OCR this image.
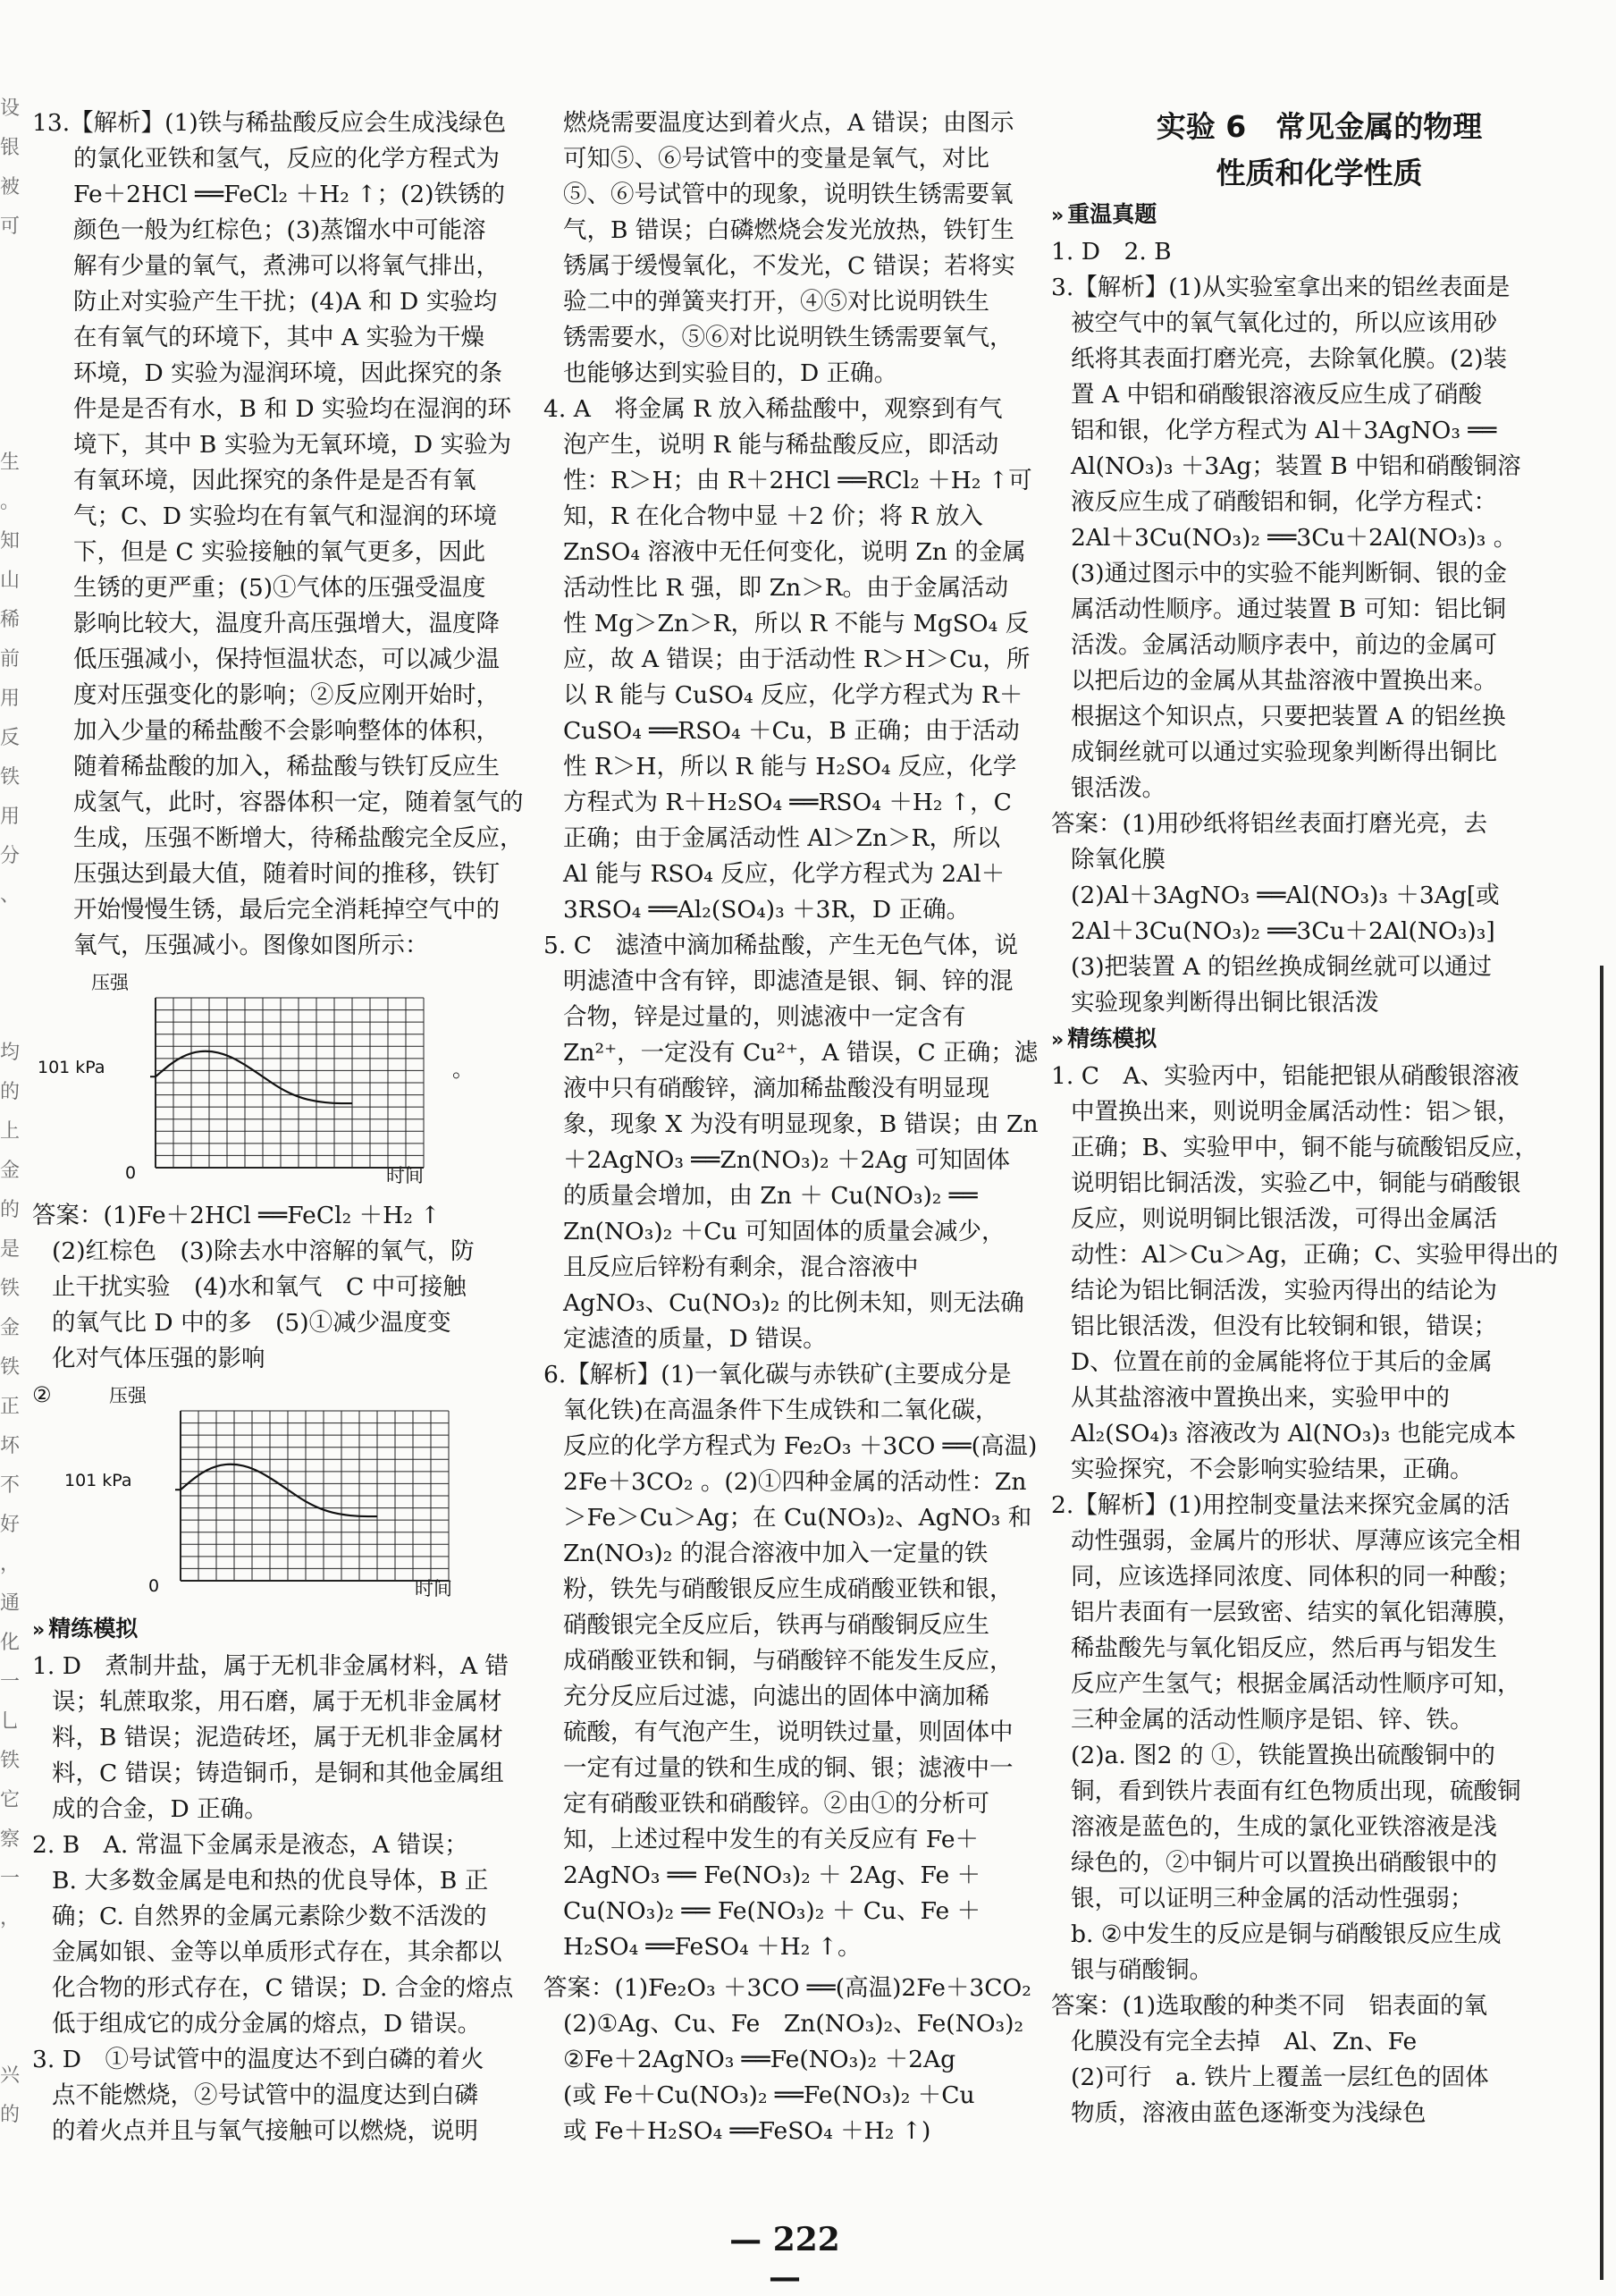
设
银
被
可
生
。
知
山
稀
前
用
反
铁
用
分
、
均
的
上
金
的
是
铁
金
铁
正
坏
不
好
，
通
化
一
乚
铁
它
察
一
，
兴
的

13.【解析】(1)铁与稀盐酸反应会生成浅绿色

的氯化亚铁和氢气，反应的化学方程式为

Fe＋2HCl ══FeCl₂ ＋H₂ ↑；(2)铁锈的

颜色一般为红棕色；(3)蒸馏水中可能溶

解有少量的氧气，煮沸可以将氧气排出，

防止对实验产生干扰；(4)A 和 D 实验均

在有氧气的环境下，其中 A 实验为干燥

环境，D 实验为湿润环境，因此探究的条

件是是否有水，B 和 D 实验均在湿润的环

境下，其中 B 实验为无氧环境，D 实验为

有氧环境，因此探究的条件是是否有氧

气；C、D 实验均在有氧气和湿润的环境

下，但是 C 实验接触的氧气更多，因此

生锈的更严重；(5)①气体的压强受温度

影响比较大，温度升高压强增大，温度降

低压强减小，保持恒温状态，可以减少温

度对压强变化的影响；②反应刚开始时，

加入少量的稀盐酸不会影响整体的体积，

随着稀盐酸的加入，稀盐酸与铁钉反应生

成氢气，此时，容器体积一定，随着氢气的

生成，压强不断增大，待稀盐酸完全反应，

压强达到最大值，随着时间的推移，铁钉

开始慢慢生锈，最后完全消耗掉空气中的

氧气，压强减小。图像如图所示：

压强
101 kPa
0	时间
。

答案：(1)Fe＋2HCl ══FeCl₂ ＋H₂ ↑

(2)红棕色　(3)除去水中溶解的氧气，防

止干扰实验　(4)水和氧气　C 中可接触

的氧气比 D 中的多　(5)①减少温度变

化对气体压强的影响

②	压强
101 kPa
0	时间

» 精练模拟

1. D　煮制井盐，属于无机非金属材料，A 错

误；轧蔗取浆，用石磨，属于无机非金属材

料，B 错误；泥造砖坯，属于无机非金属材

料，C 错误；铸造铜币，是铜和其他金属组

成的合金，D 正确。

2. B　A. 常温下金属汞是液态，A 错误；

B. 大多数金属是电和热的优良导体，B 正

确；C. 自然界的金属元素除少数不活泼的

金属如银、金等以单质形式存在，其余都以

化合物的形式存在，C 错误；D. 合金的熔点

低于组成它的成分金属的熔点，D 错误。

3. D　①号试管中的温度达不到白磷的着火

点不能燃烧，②号试管中的温度达到白磷

的着火点并且与氧气接触可以燃烧，说明

燃烧需要温度达到着火点，A 错误；由图示

可知⑤、⑥号试管中的变量是氧气，对比

⑤、⑥号试管中的现象，说明铁生锈需要氧

气，B 错误；白磷燃烧会发光放热，铁钉生

锈属于缓慢氧化，不发光，C 错误；若将实

验二中的弹簧夹打开，④⑤对比说明铁生

锈需要水，⑤⑥对比说明铁生锈需要氧气，

也能够达到实验目的，D 正确。

4. A　将金属 R 放入稀盐酸中，观察到有气

泡产生，说明 R 能与稀盐酸反应，即活动

性：R＞H；由 R＋2HCl ══RCl₂ ＋H₂ ↑可

知，R 在化合物中显 ＋2 价；将 R 放入

ZnSO₄ 溶液中无任何变化，说明 Zn 的金属

活动性比 R 强，即 Zn＞R。由于金属活动

性 Mg＞Zn＞R，所以 R 不能与 MgSO₄ 反

应，故 A 错误；由于活动性 R＞H＞Cu，所

以 R 能与 CuSO₄ 反应，化学方程式为 R＋

CuSO₄ ══RSO₄ ＋Cu，B 正确；由于活动

性 R＞H，所以 R 能与 H₂SO₄ 反应，化学

方程式为 R＋H₂SO₄ ══RSO₄ ＋H₂ ↑，C

正确；由于金属活动性 Al＞Zn＞R，所以

Al 能与 RSO₄ 反应，化学方程式为 2Al＋

3RSO₄ ══Al₂(SO₄)₃ ＋3R，D 正确。

5. C　滤渣中滴加稀盐酸，产生无色气体，说

明滤渣中含有锌，即滤渣是银、铜、锌的混

合物，锌是过量的，则滤液中一定含有

Zn²⁺，一定没有 Cu²⁺，A 错误，C 正确；滤

液中只有硝酸锌，滴加稀盐酸没有明显现

象，现象 X 为没有明显现象，B 错误；由 Zn

＋2AgNO₃ ══Zn(NO₃)₂ ＋2Ag 可知固体

的质量会增加，由 Zn ＋ Cu(NO₃)₂ ══

Zn(NO₃)₂ ＋Cu 可知固体的质量会减少，

且反应后锌粉有剩余，混合溶液中

AgNO₃、Cu(NO₃)₂ 的比例未知，则无法确

定滤渣的质量，D 错误。

6.【解析】(1)一氧化碳与赤铁矿(主要成分是

氧化铁)在高温条件下生成铁和二氧化碳，

反应的化学方程式为 Fe₂O₃ ＋3CO ══(高温)

2Fe＋3CO₂ 。(2)①四种金属的活动性：Zn

＞Fe＞Cu＞Ag；在 Cu(NO₃)₂、AgNO₃ 和

Zn(NO₃)₂ 的混合溶液中加入一定量的铁

粉，铁先与硝酸银反应生成硝酸亚铁和银，

硝酸银完全反应后，铁再与硝酸铜反应生

成硝酸亚铁和铜，与硝酸锌不能发生反应，

充分反应后过滤，向滤出的固体中滴加稀

硫酸，有气泡产生，说明铁过量，则固体中

一定有过量的铁和生成的铜、银；滤液中一

定有硝酸亚铁和硝酸锌。②由①的分析可

知，上述过程中发生的有关反应有 Fe＋

2AgNO₃ ══ Fe(NO₃)₂ ＋ 2Ag、Fe ＋

Cu(NO₃)₂ ══ Fe(NO₃)₂ ＋ Cu、Fe ＋

H₂SO₄ ══FeSO₄ ＋H₂ ↑。

答案：(1)Fe₂O₃ ＋3CO ══(高温)2Fe＋3CO₂

(2)①Ag、Cu、Fe　Zn(NO₃)₂、Fe(NO₃)₂

②Fe＋2AgNO₃ ══Fe(NO₃)₂ ＋2Ag

(或 Fe＋Cu(NO₃)₂ ══Fe(NO₃)₂ ＋Cu

或 Fe＋H₂SO₄ ══FeSO₄ ＋H₂ ↑)

实验 6　常见金属的物理

性质和化学性质

» 重温真题

1. D　2. B

3.【解析】(1)从实验室拿出来的铝丝表面是

被空气中的氧气氧化过的，所以应该用砂

纸将其表面打磨光亮，去除氧化膜。(2)装

置 A 中铝和硝酸银溶液反应生成了硝酸

铝和银，化学方程式为 Al＋3AgNO₃ ══

Al(NO₃)₃ ＋3Ag；装置 B 中铝和硝酸铜溶

液反应生成了硝酸铝和铜，化学方程式：

2Al＋3Cu(NO₃)₂ ══3Cu＋2Al(NO₃)₃ 。

(3)通过图示中的实验不能判断铜、银的金

属活动性顺序。通过装置 B 可知：铝比铜

活泼。金属活动顺序表中，前边的金属可

以把后边的金属从其盐溶液中置换出来。

根据这个知识点，只要把装置 A 的铝丝换

成铜丝就可以通过实验现象判断得出铜比

银活泼。

答案：(1)用砂纸将铝丝表面打磨光亮，去

除氧化膜

(2)Al＋3AgNO₃ ══Al(NO₃)₃ ＋3Ag[或

2Al＋3Cu(NO₃)₂ ══3Cu＋2Al(NO₃)₃]

(3)把装置 A 的铝丝换成铜丝就可以通过

实验现象判断得出铜比银活泼

» 精练模拟

1. C　A、实验丙中，铝能把银从硝酸银溶液

中置换出来，则说明金属活动性：铝＞银，

正确；B、实验甲中，铜不能与硫酸铝反应，

说明铝比铜活泼，实验乙中，铜能与硝酸银

反应，则说明铜比银活泼，可得出金属活

动性：Al＞Cu＞Ag，正确；C、实验甲得出的

结论为铝比铜活泼，实验丙得出的结论为

铝比银活泼，但没有比较铜和银，错误；

D、位置在前的金属能将位于其后的金属

从其盐溶液中置换出来，实验甲中的

Al₂(SO₄)₃ 溶液改为 Al(NO₃)₃ 也能完成本

实验探究，不会影响实验结果，正确。

2.【解析】(1)用控制变量法来探究金属的活

动性强弱，金属片的形状、厚薄应该完全相

同，应该选择同浓度、同体积的同一种酸；

铝片表面有一层致密、结实的氧化铝薄膜，

稀盐酸先与氧化铝反应，然后再与铝发生

反应产生氢气；根据金属活动性顺序可知，

三种金属的活动性顺序是铝、锌、铁。

(2)a. 图2 的 ①，铁能置换出硫酸铜中的

铜，看到铁片表面有红色物质出现，硫酸铜

溶液是蓝色的，生成的氯化亚铁溶液是浅

绿色的，②中铜片可以置换出硝酸银中的

银，可以证明三种金属的活动性强弱；

b. ②中发生的反应是铜与硝酸银反应生成

银与硝酸铜。

答案：(1)选取酸的种类不同　铝表面的氧

化膜没有完全去掉　Al、Zn、Fe

(2)可行　a. 铁片上覆盖一层红色的固体

物质，溶液由蓝色逐渐变为浅绿色

— 222 —
